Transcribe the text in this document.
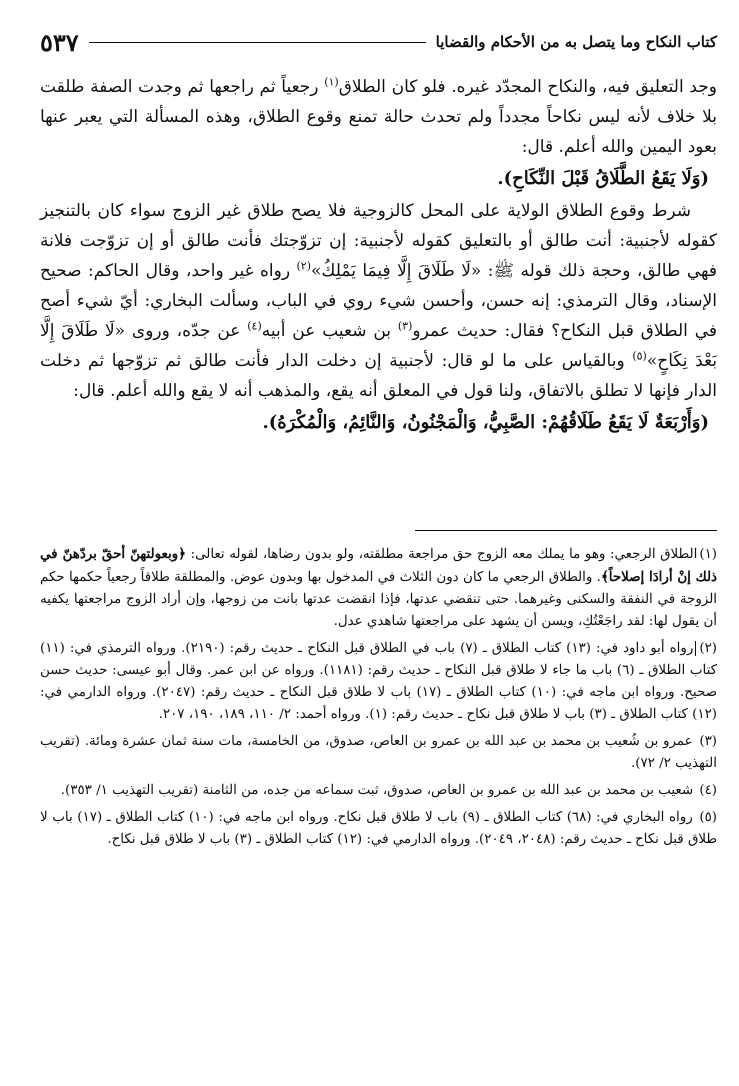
كتاب النكاح وما يتصل به من الأحكام والقضايا
٥٣٧

وجد التعليق فيه، والنكاح المجدّد غيره. فلو كان الطلاق$^{(١)}$ رجعياً ثم راجعها ثم وجدت الصفة طلقت بلا خلاف لأنه ليس نكاحاً مجدداً ولم تحدث حالة تمنع وقوع الطلاق، وهذه المسألة التي يعبر عنها بعود اليمين والله أعلم. قال:

(وَلَا يَقَعُ الطَّلَاقُ قَبْلَ النِّكَاحِ).

شرط وقوع الطلاق الولاية على المحل كالزوجية فلا يصح طلاق غير الزوج سواء كان بالتنجيز كقوله لأجنبية: أنت طالق أو بالتعليق كقوله لأجنبية: إن تزوّجتك فأنت طالق أو إن تزوّجت فلانة فهي طالق، وحجة ذلك قوله ﷺ: «لَا طَلَاقَ إِلَّا فِيمَا يَمْلِكُ»$^{(٢)}$ رواه غير واحد، وقال الحاكم: صحيح الإسناد، وقال الترمذي: إنه حسن، وأحسن شيء روي في الباب، وسألت البخاري: أيّ شيء أصح في الطلاق قبل النكاح؟ فقال: حديث عمرو$^{(٣)}$ بن شعيب عن أبيه$^{(٤)}$ عن جدّه، وروى «لَا طَلَاقَ إِلَّا بَعْدَ نِكَاحٍ»$^{(٥)}$ وبالقياس على ما لو قال: لأجنبية إن دخلت الدار فأنت طالق ثم تزوّجها ثم دخلت الدار فإنها لا تطلق بالاتفاق، ولنا قول في المعلق أنه يقع، والمذهب أنه لا يقع والله أعلم. قال:

(وَأَرْبَعَةٌ لَا يَقَعُ طَلَاقُهُمْ: الصَّبِيُّ، وَالْمَجْنُونُ، وَالنَّائِمُ، وَالْمُكْرَهُ).

(١)الطلاق الرجعي: وهو ما يملك معه الزوج حق مراجعة مطلقته، ولو بدون رضاها، لقوله تعالى: ﴿وبعولتهنّ أحقّ بردّهنّ في ذلك إنْ أرادَا إصلاحاً﴾. والطلاق الرجعي ما كان دون الثلاث في المدخول بها وبدون عوض. والمطلقة طلاقاً رجعياً حكمها حكم الزوجة في النفقة والسكنى وغيرهما. حتى تنقضي عدتها، فإذا انقضت عدتها بانت من زوجها، وإن أراد الزوج مراجعتها يكفيه أن يقول لها: لقد راجَعْتُكِ، ويسن أن يشهد على مراجعتها شاهدي عدل.

(٢)رواه أبو داود في: (١٣) كتاب الطلاق ـ (٧) باب في الطلاق قبل النكاح ـ حديث رقم: (٢١٩٠). ورواه الترمذي في: (١١) كتاب الطلاق ـ (٦) باب ما جاء لا طلاق قبل النكاح ـ حديث رقم: (١١٨١). ورواه عن ابن عمر. وقال أبو عيسى: حديث حسن صحيح. ورواه ابن ماجه في: (١٠) كتاب الطلاق ـ (١٧) باب لا طلاق قبل النكاح ـ حديث رقم: (٢٠٤٧). ورواه الدارمي في: (١٢) كتاب الطلاق ـ (٣) باب لا طلاق قبل نكاح ـ حديث رقم: (١). ورواه أحمد: ٢/ ١١٠، ١٨٩، ١٩٠، ٢٠٧.

(٣) عمرو بن شُعيب بن محمد بن عبد الله بن عمرو بن العاص، صدوق، من الخامسة، مات سنة ثمان عشرة ومائة. (تقريب التهذيب ٢/ ٧٢).

(٤) شعيب بن محمد بن عبد الله بن عمرو بن العاص، صدوق، ثبت سماعه من جده، من الثامنة (تقريب التهذيب ١/ ٣٥٣).

(٥) رواه البخاري في: (٦٨) كتاب الطلاق ـ (٩) باب لا طلاق قبل نكاح. ورواه ابن ماجه في: (١٠) كتاب الطلاق ـ (١٧) باب لا طلاق قبل نكاح ـ حديث رقم: (٢٠٤٨، ٢٠٤٩). ورواه الدارمي في: (١٢) كتاب الطلاق ـ (٣) باب لا طلاق قبل نكاح.
